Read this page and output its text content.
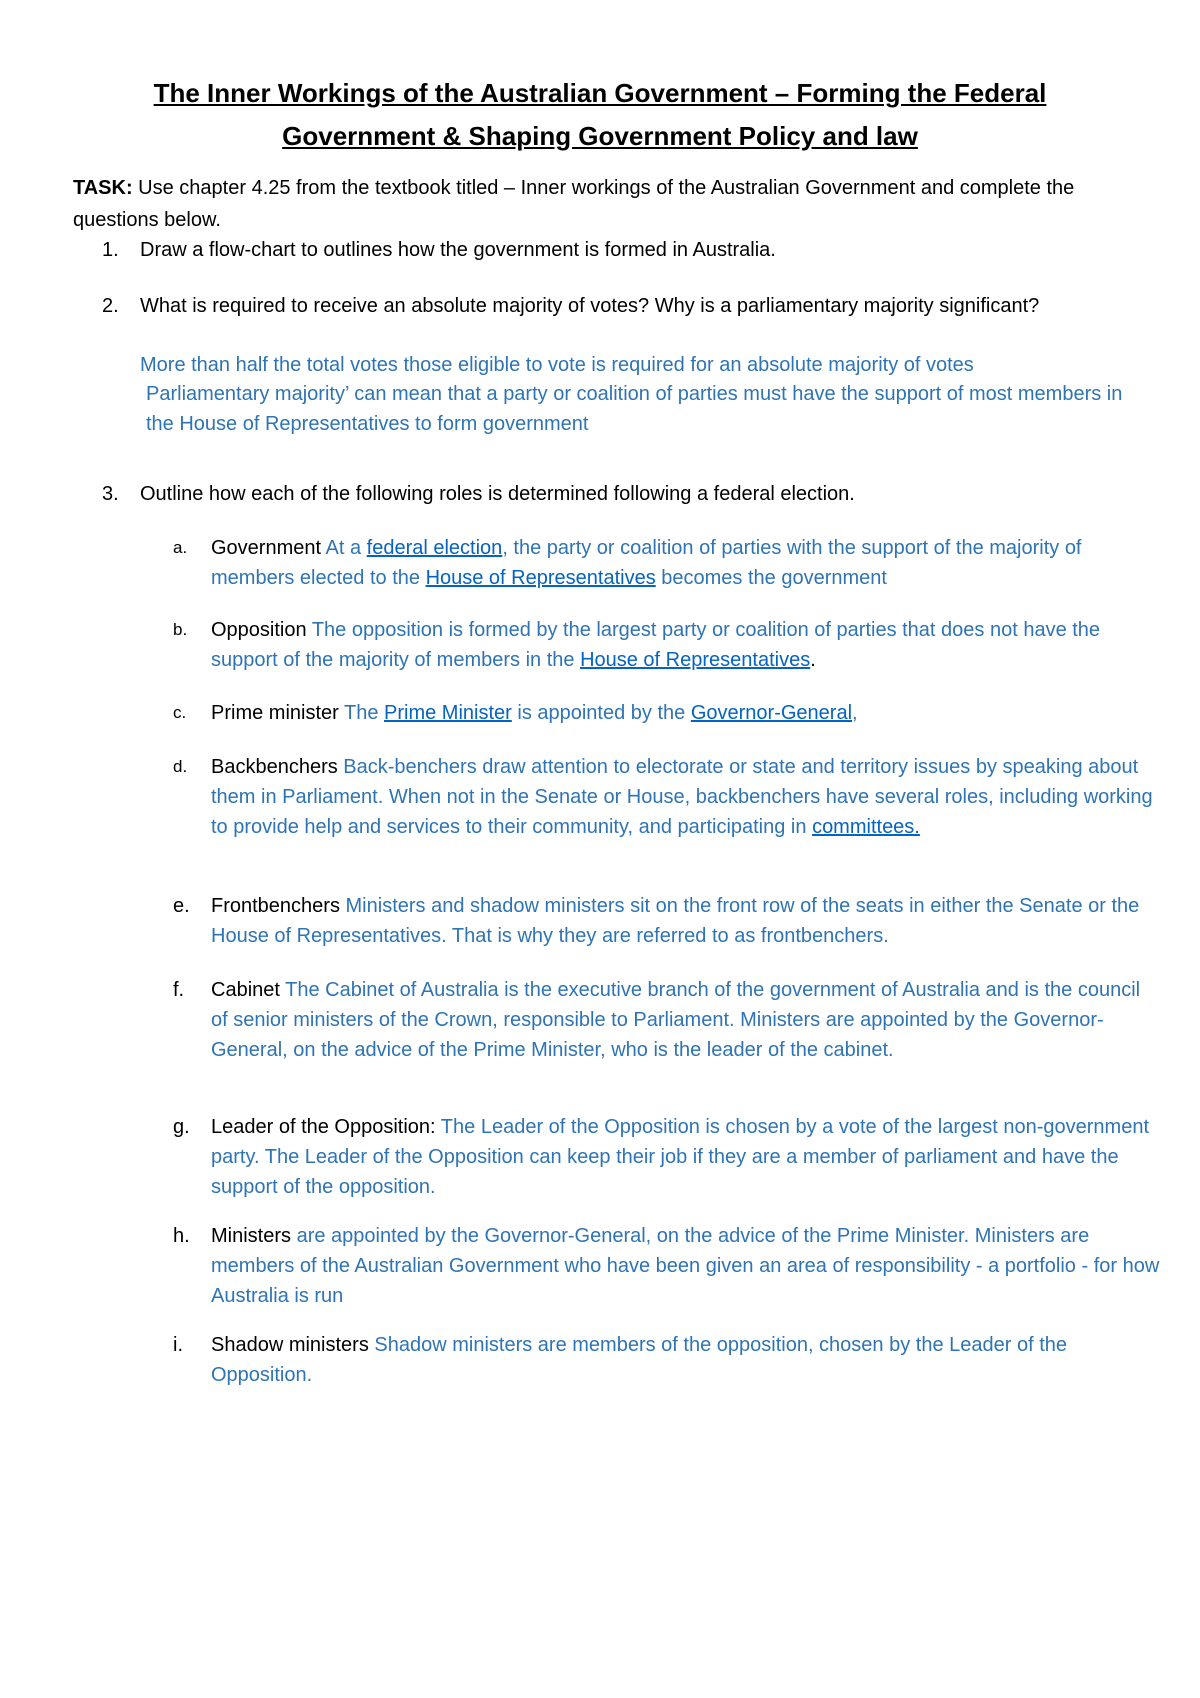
The Inner Workings of the Australian Government – Forming the Federal
Government & Shaping Government Policy and law
TASK: Use chapter 4.25 from the textbook titled – Inner workings of the Australian Government and complete the questions below.
1. Draw a flow-chart to outlines how the government is formed in Australia.
2. What is required to receive an absolute majority of votes? Why is a parliamentary majority significant?
More than half the total votes those eligible to vote is required for an absolute majority of votes
Parliamentary majority’ can mean that a party or coalition of parties must have the support of most members in the House of Representatives to form government
3. Outline how each of the following roles is determined following a federal election.
a. Government At a federal election, the party or coalition of parties with the support of the majority of members elected to the House of Representatives becomes the government
b. Opposition The opposition is formed by the largest party or coalition of parties that does not have the support of the majority of members in the House of Representatives.
c. Prime minister The Prime Minister is appointed by the Governor-General,
d. Backbenchers Back-benchers draw attention to electorate or state and territory issues by speaking about them in Parliament. When not in the Senate or House, backbenchers have several roles, including working to provide help and services to their community, and participating in committees.
e. Frontbenchers Ministers and shadow ministers sit on the front row of the seats in either the Senate or the House of Representatives. That is why they are referred to as frontbenchers.
f. Cabinet The Cabinet of Australia is the executive branch of the government of Australia and is the council of senior ministers of the Crown, responsible to Parliament. Ministers are appointed by the Governor-General, on the advice of the Prime Minister, who is the leader of the cabinet.
g. Leader of the Opposition: The Leader of the Opposition is chosen by a vote of the largest non-government party. The Leader of the Opposition can keep their job if they are a member of parliament and have the support of the opposition.
h. Ministers are appointed by the Governor-General, on the advice of the Prime Minister. Ministers are members of the Australian Government who have been given an area of responsibility - a portfolio - for how Australia is run
i. Shadow ministers Shadow ministers are members of the opposition, chosen by the Leader of the Opposition.
